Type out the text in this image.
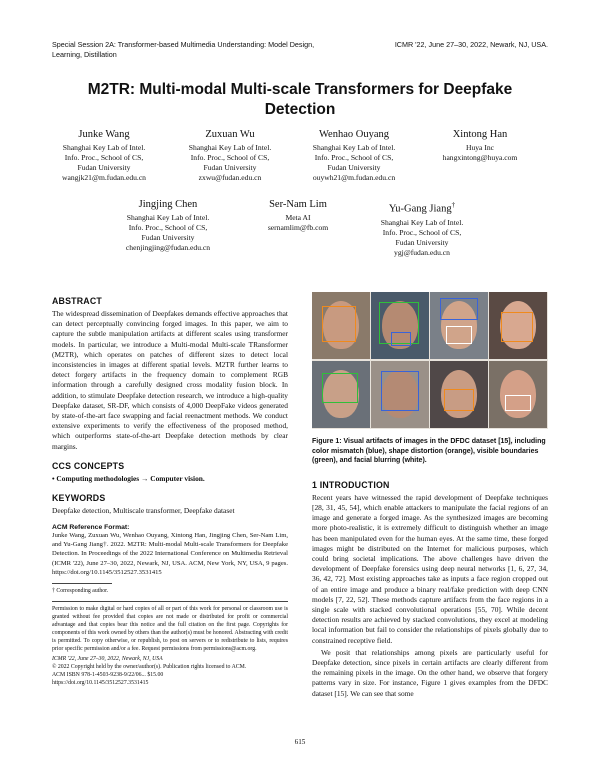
Special Session 2A: Transformer-based Multimedia Understanding: Model Design, Learning, Distillation
ICMR '22, June 27–30, 2022, Newark, NJ, USA.
M2TR: Multi-modal Multi-scale Transformers for Deepfake Detection
Junke Wang
Shanghai Key Lab of Intel.
Info. Proc., School of CS,
Fudan University
wangjk21@m.fudan.edu.cn
Zuxuan Wu
Shanghai Key Lab of Intel.
Info. Proc., School of CS,
Fudan University
zxwu@fudan.edu.cn
Wenhao Ouyang
Shanghai Key Lab of Intel.
Info. Proc., School of CS,
Fudan University
ouywh21@m.fudan.edu.cn
Xintong Han
Huya Inc
hangxintong@huya.com
Jingjing Chen
Shanghai Key Lab of Intel.
Info. Proc., School of CS,
Fudan University
chenjingjing@fudan.edu.cn
Ser-Nam Lim
Meta AI
sernamlim@fb.com
Yu-Gang Jiang†
Shanghai Key Lab of Intel.
Info. Proc., School of CS,
Fudan University
ygj@fudan.edu.cn
ABSTRACT
The widespread dissemination of Deepfakes demands effective approaches that can detect perceptually convincing forged images. In this paper, we aim to capture the subtle manipulation artifacts at different scales using transformer models. In particular, we introduce a Multi-modal Multi-scale TRansformer (M2TR), which operates on patches of different sizes to detect local inconsistencies in images at different spatial levels. M2TR further learns to detect forgery artifacts in the frequency domain to complement RGB information through a carefully designed cross modality fusion block. In addition, to stimulate Deepfake detection research, we introduce a high-quality Deepfake dataset, SR-DF, which consists of 4,000 DeepFake videos generated by state-of-the-art face swapping and facial reenactment methods. We conduct extensive experiments to verify the effectiveness of the proposed method, which outperforms state-of-the-art Deepfake detection methods by clear margins.
CCS CONCEPTS
• Computing methodologies → Computer vision.
KEYWORDS
Deepfake detection, Multiscale transformer, Deepfake dataset
ACM Reference Format:
Junke Wang, Zuxuan Wu, Wenhao Ouyang, Xintong Han, Jingjing Chen, Ser-Nam Lim, and Yu-Gang Jiang†. 2022. M2TR: Multi-modal Multi-scale Transformers for Deepfake Detection. In Proceedings of the 2022 International Conference on Multimedia Retrieval (ICMR '22), June 27–30, 2022, Newark, NJ, USA. ACM, New York, NY, USA, 9 pages. https://doi.org/10.1145/3512527.3531415
† Corresponding author.
Permission to make digital or hard copies of all or part of this work for personal or classroom use is granted without fee provided that copies are not made or distributed for profit or commercial advantage and that copies bear this notice and the full citation on the first page. Copyrights for components of this work owned by others than the author(s) must be honored. Abstracting with credit is permitted. To copy otherwise, or republish, to post on servers or to redistribute to lists, requires prior specific permission and/or a fee. Request permissions from permissions@acm.org.
ICMR '22, June 27–30, 2022, Newark, NJ, USA
© 2022 Copyright held by the owner/author(s). Publication rights licensed to ACM.
ACM ISBN 978-1-4503-9238-9/22/06... $15.00
https://doi.org/10.1145/3512527.3531415
Figure 1: Visual artifacts of images in the DFDC dataset [15], including color mismatch (blue), shape distortion (orange), visible boundaries (green), and facial blurring (white).
1 INTRODUCTION
Recent years have witnessed the rapid development of Deepfake techniques [28, 31, 45, 54], which enable attackers to manipulate the facial regions of an image and generate a forged image. As the synthesized images are becoming more photo-realistic, it is extremely difficult to distinguish whether an image has been manipulated even for the human eyes. At the same time, these forged images might be distributed on the Internet for malicious purposes, which could bring societal implications. The above challenges have driven the development of Deepfake forensics using deep neural networks [1, 6, 27, 34, 36, 42, 72]. Most existing approaches take as inputs a face region cropped out of an entire image and produce a binary real/fake prediction with deep CNN models [7, 22, 52]. These methods capture artifacts from the face regions in a single scale with stacked convolutional operations [55, 70]. While decent detection results are achieved by stacked convolutions, they excel at modeling local information but fail to consider the relationships of pixels globally due to constrained receptive field.
We posit that relationships among pixels are particularly useful for Deepfake detection, since pixels in certain artifacts are clearly different from the remaining pixels in the image. On the other hand, we observe that forgery patterns vary in size. For instance, Figure 1 gives examples from the DFDC dataset [15]. We can see that some
615
